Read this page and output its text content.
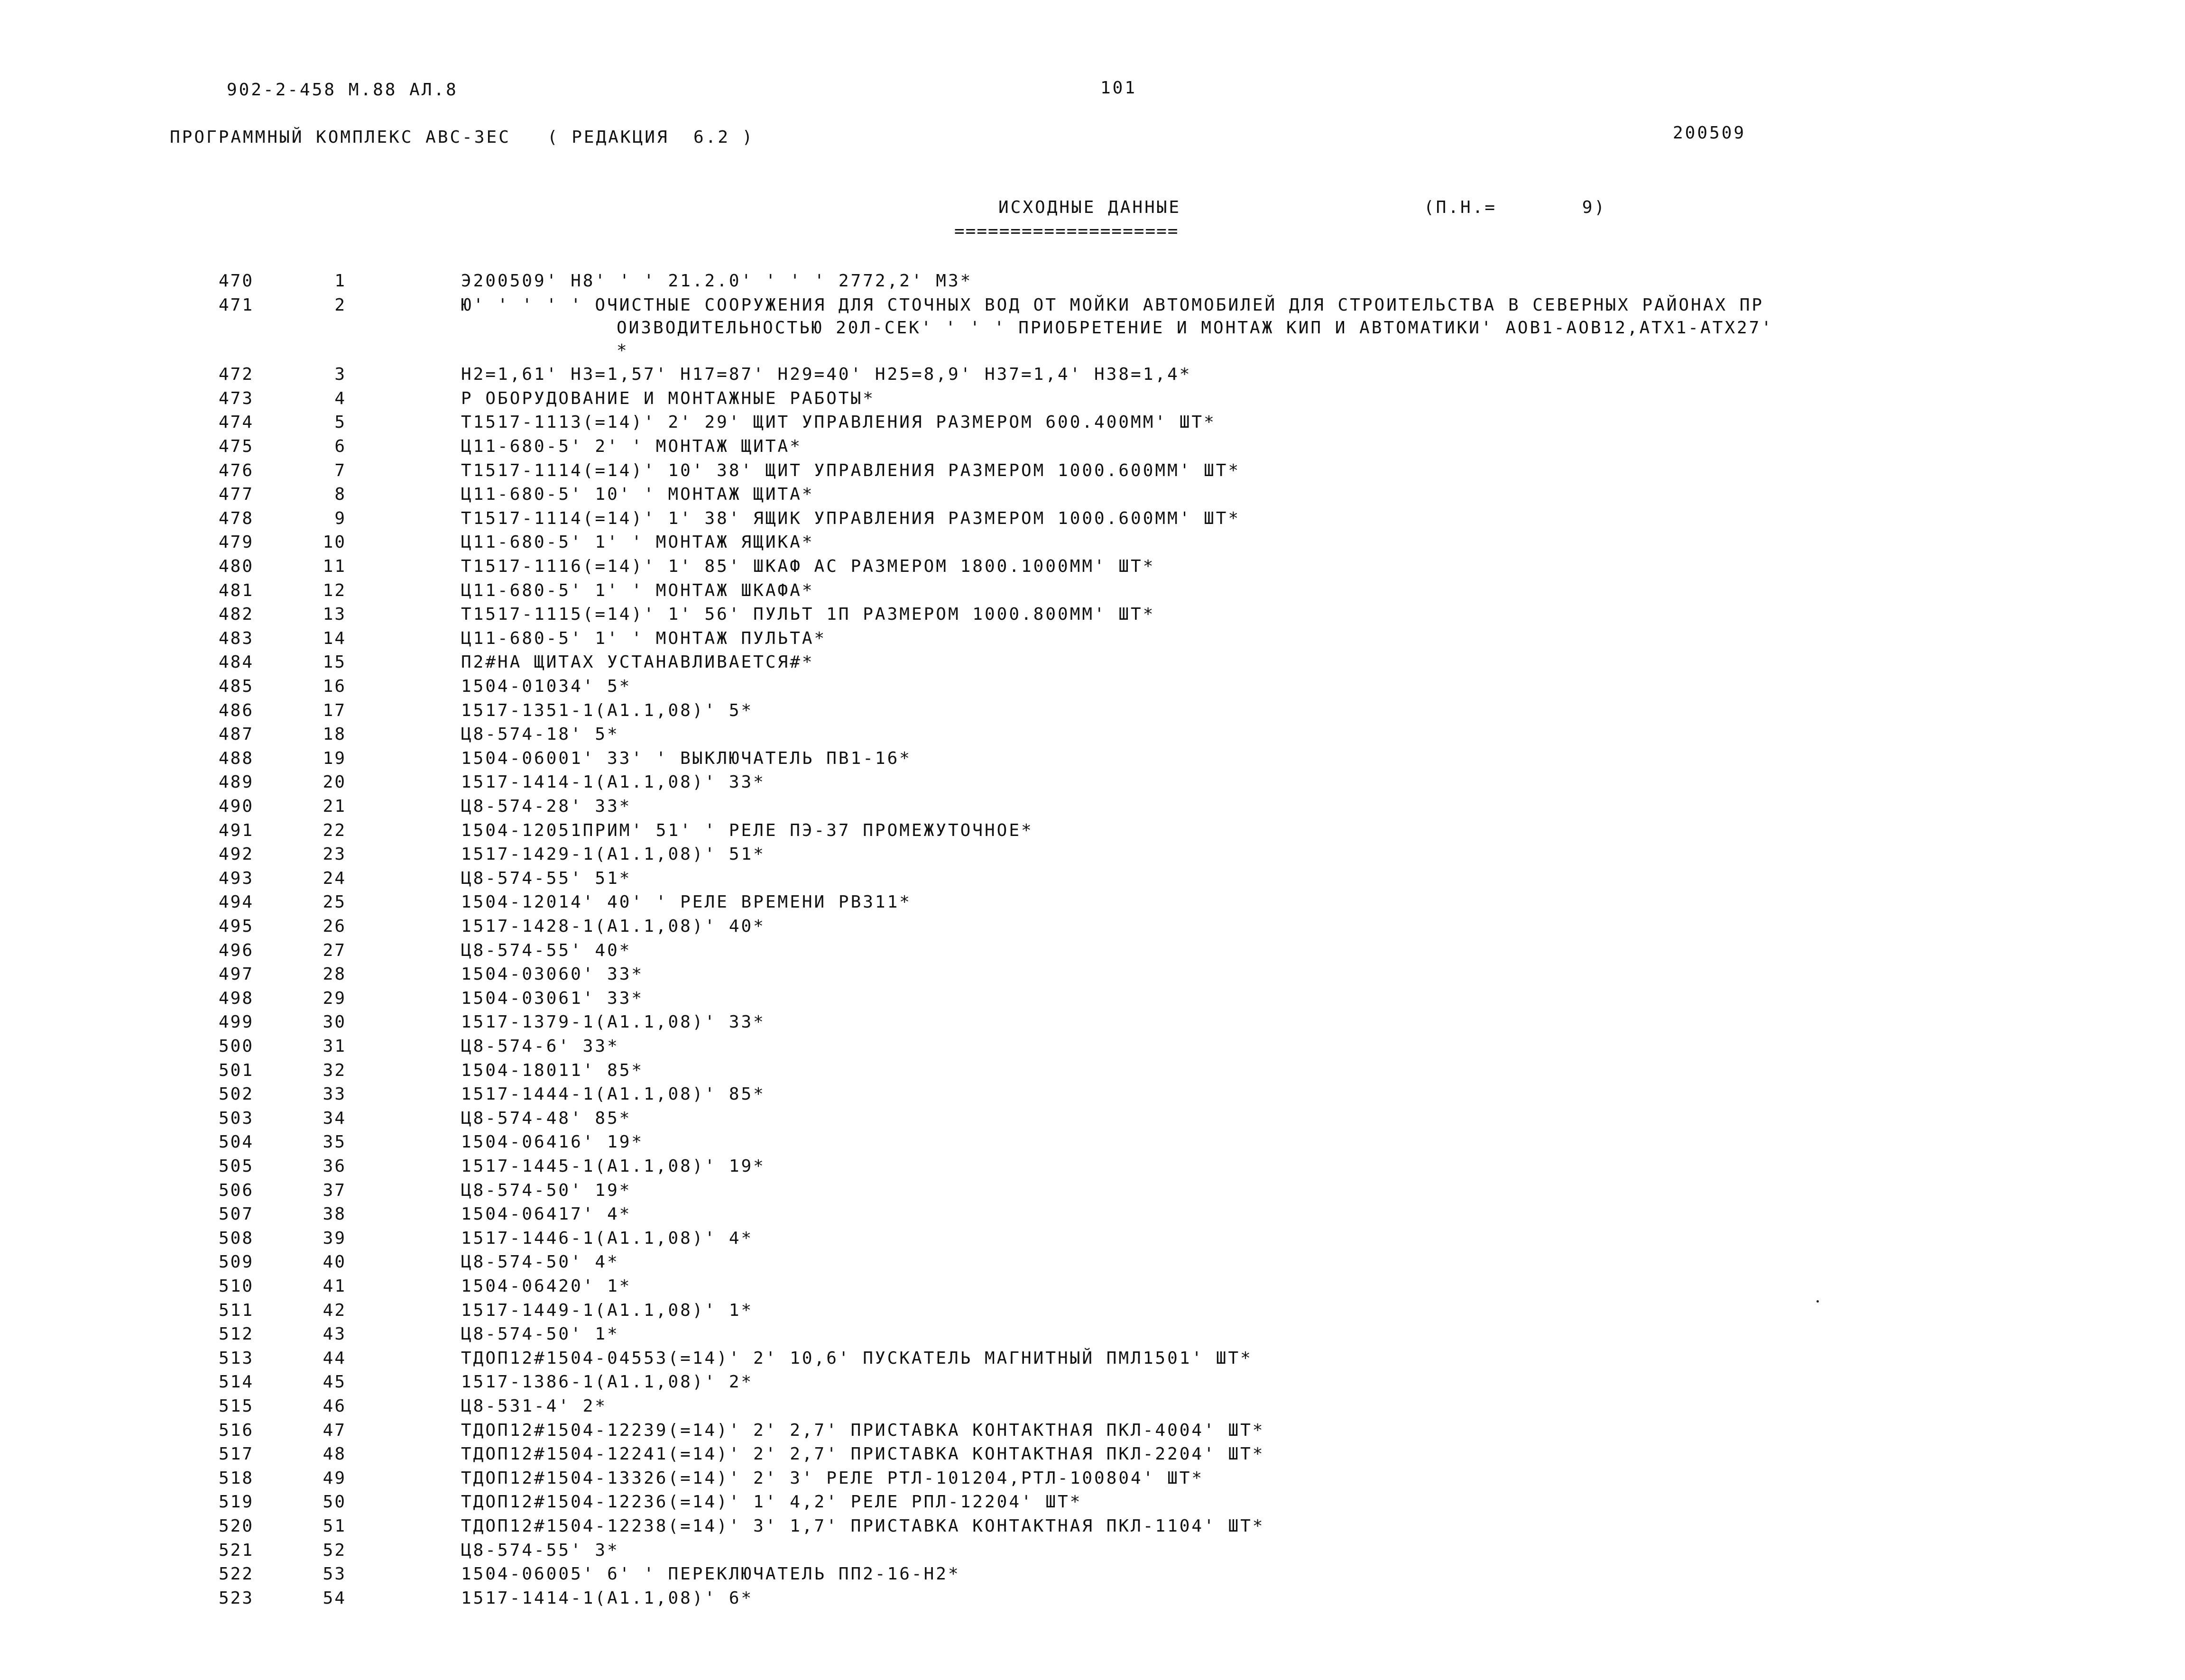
902-2-458 М.88 АЛ.8	101
ПРОГРАММНЫЙ КОМПЛЕКС АВС-3ЕС   ( РЕДАКЦИЯ  6.2 )	200509
ИСХОДНЫЕ ДАННЫЕ	(П.Н.=       9)
====================
470	1	Э200509' Н8' ' ' 21.2.0' ' ' ' 2772,2' М3*
471	2	Ю' ' ' ' ' ОЧИСТНЫЕ СООРУЖЕНИЯ ДЛЯ СТОЧНЫХ ВОД ОТ МОЙКИ АВТОМОБИЛЕЙ ДЛЯ СТРОИТЕЛЬСТВА В СЕВЕРНЫХ РАЙОНАХ ПР
ОИЗВОДИТЕЛЬНОСТЬЮ 20Л-СЕК' ' ' ' ПРИОБРЕТЕНИЕ И МОНТАЖ КИП И АВТОМАТИКИ' АОВ1-АОВ12,АТХ1-АТХ27'
*
472	3	Н2=1,61' Н3=1,57' Н17=87' Н29=40' Н25=8,9' Н37=1,4' Н38=1,4*
473	4	Р ОБОРУДОВАНИЕ И МОНТАЖНЫЕ РАБОТЫ*
474	5	Т1517-1113(=14)' 2' 29' ЩИТ УПРАВЛЕНИЯ РАЗМЕРОМ 600.400ММ' ШТ*
475	6	Ц11-680-5' 2' ' МОНТАЖ ЩИТА*
476	7	Т1517-1114(=14)' 10' 38' ЩИТ УПРАВЛЕНИЯ РАЗМЕРОМ 1000.600ММ' ШТ*
477	8	Ц11-680-5' 10' ' МОНТАЖ ЩИТА*
478	9	Т1517-1114(=14)' 1' 38' ЯЩИК УПРАВЛЕНИЯ РАЗМЕРОМ 1000.600ММ' ШТ*
479	10	Ц11-680-5' 1' ' МОНТАЖ ЯЩИКА*
480	11	Т1517-1116(=14)' 1' 85' ШКАФ АС РАЗМЕРОМ 1800.1000ММ' ШТ*
481	12	Ц11-680-5' 1' ' МОНТАЖ ШКАФА*
482	13	Т1517-1115(=14)' 1' 56' ПУЛЬТ 1П РАЗМЕРОМ 1000.800ММ' ШТ*
483	14	Ц11-680-5' 1' ' МОНТАЖ ПУЛЬТА*
484	15	П2#НА ЩИТАХ УСТАНАВЛИВАЕТСЯ#*
485	16	1504-01034' 5*
486	17	1517-1351-1(А1.1,08)' 5*
487	18	Ц8-574-18' 5*
488	19	1504-06001' 33' ' ВЫКЛЮЧАТЕЛЬ ПВ1-16*
489	20	1517-1414-1(А1.1,08)' 33*
490	21	Ц8-574-28' 33*
491	22	1504-12051ПРИМ' 51' ' РЕЛЕ ПЭ-37 ПРОМЕЖУТОЧНОЕ*
492	23	1517-1429-1(А1.1,08)' 51*
493	24	Ц8-574-55' 51*
494	25	1504-12014' 40' ' РЕЛЕ ВРЕМЕНИ РВ311*
495	26	1517-1428-1(А1.1,08)' 40*
496	27	Ц8-574-55' 40*
497	28	1504-03060' 33*
498	29	1504-03061' 33*
499	30	1517-1379-1(А1.1,08)' 33*
500	31	Ц8-574-6' 33*
501	32	1504-18011' 85*
502	33	1517-1444-1(А1.1,08)' 85*
503	34	Ц8-574-48' 85*
504	35	1504-06416' 19*
505	36	1517-1445-1(А1.1,08)' 19*
506	37	Ц8-574-50' 19*
507	38	1504-06417' 4*
508	39	1517-1446-1(А1.1,08)' 4*
509	40	Ц8-574-50' 4*
510	41	1504-06420' 1*
511	42	1517-1449-1(А1.1,08)' 1*
512	43	Ц8-574-50' 1*
513	44	ТДОП12#1504-04553(=14)' 2' 10,6' ПУСКАТЕЛЬ МАГНИТНЫЙ ПМЛ1501' ШТ*
514	45	1517-1386-1(А1.1,08)' 2*
515	46	Ц8-531-4' 2*
516	47	ТДОП12#1504-12239(=14)' 2' 2,7' ПРИСТАВКА КОНТАКТНАЯ ПКЛ-4004' ШТ*
517	48	ТДОП12#1504-12241(=14)' 2' 2,7' ПРИСТАВКА КОНТАКТНАЯ ПКЛ-2204' ШТ*
518	49	ТДОП12#1504-13326(=14)' 2' 3' РЕЛЕ РТЛ-101204,РТЛ-100804' ШТ*
519	50	ТДОП12#1504-12236(=14)' 1' 4,2' РЕЛЕ РПЛ-12204' ШТ*
520	51	ТДОП12#1504-12238(=14)' 3' 1,7' ПРИСТАВКА КОНТАКТНАЯ ПКЛ-1104' ШТ*
521	52	Ц8-574-55' 3*
522	53	1504-06005' 6' ' ПЕРЕКЛЮЧАТЕЛЬ ПП2-16-Н2*
523	54	1517-1414-1(А1.1,08)' 6*
